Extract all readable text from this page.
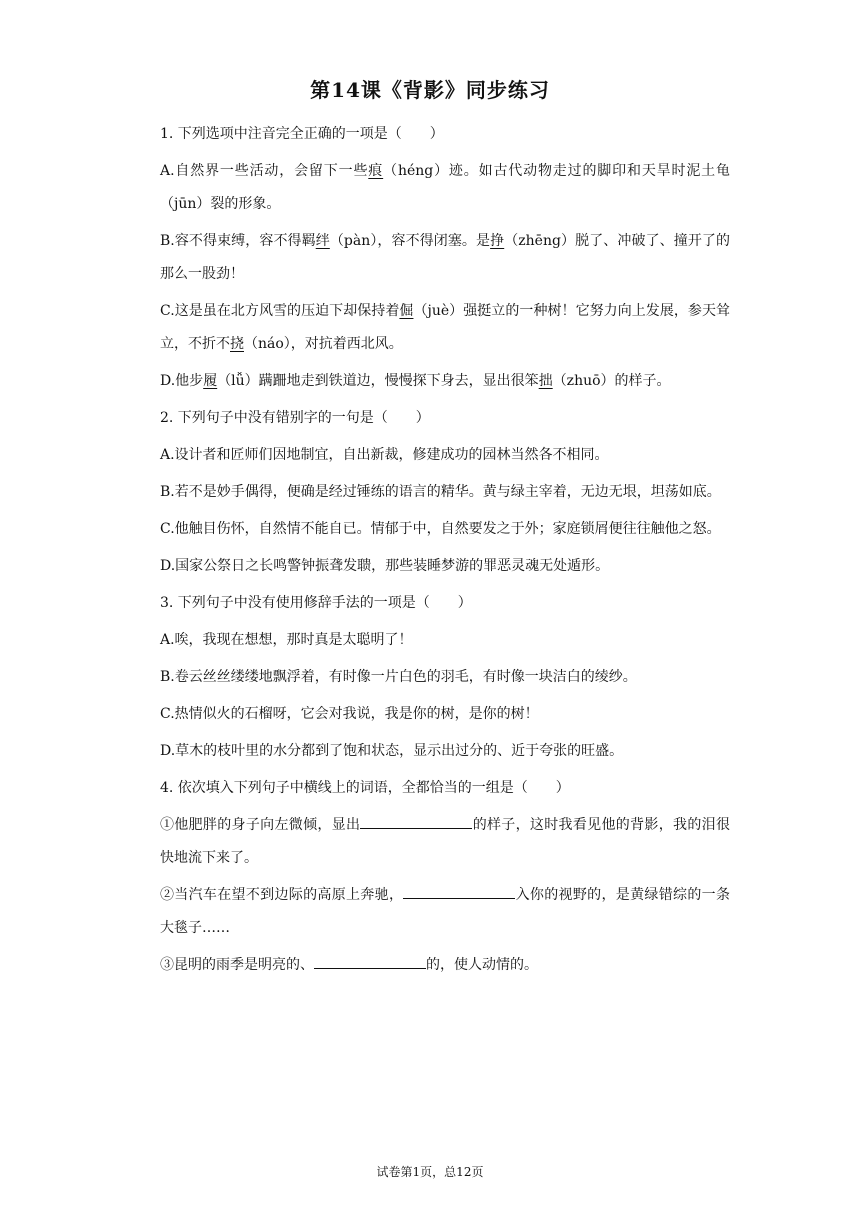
第14课《背影》同步练习

1. 下列选项中注音完全正确的一项是（　　）

A.自然界一些活动，会留下一些痕（héng）迹。如古代动物走过的脚印和天旱时泥土龟（jūn）裂的形象。

B.容不得束缚，容不得羁绊（pàn），容不得闭塞。是挣（zhēng）脱了、冲破了、撞开了的那么一股劲！

C.这是虽在北方风雪的压迫下却保持着倔（juè）强挺立的一种树！它努力向上发展，参天耸立，不折不挠（náo），对抗着西北风。

D.他步履（lǚ）蹒跚地走到铁道边，慢慢探下身去，显出很笨拙（zhuō）的样子。

2. 下列句子中没有错别字的一句是（　　）

A.设计者和匠师们因地制宜，自出新裁，修建成功的园林当然各不相同。

B.若不是妙手偶得，便确是经过锤练的语言的精华。黄与绿主宰着，无边无垠，坦荡如底。

C.他触目伤怀，自然情不能自已。情郁于中，自然要发之于外；家庭锁屑便往往触他之怒。

D.国家公祭日之长鸣警钟振聋发聩，那些装睡梦游的罪恶灵魂无处遁形。

3. 下列句子中没有使用修辞手法的一项是（　　）

A.唉，我现在想想，那时真是太聪明了！

B.卷云丝丝缕缕地飘浮着，有时像一片白色的羽毛，有时像一块洁白的绫纱。

C.热情似火的石榴呀，它会对我说，我是你的树，是你的树！

D.草木的枝叶里的水分都到了饱和状态，显示出过分的、近于夸张的旺盛。

4. 依次填入下列句子中横线上的词语，全都恰当的一组是（　　）

①他肥胖的身子向左微倾，显出	的样子，这时我看见他的背影，我的泪很快地流下来了。

②当汽车在望不到边际的高原上奔驰，	入你的视野的，是黄绿错综的一条大毯子……

③昆明的雨季是明亮的、	的，使人动情的。

试卷第1页，总12页
